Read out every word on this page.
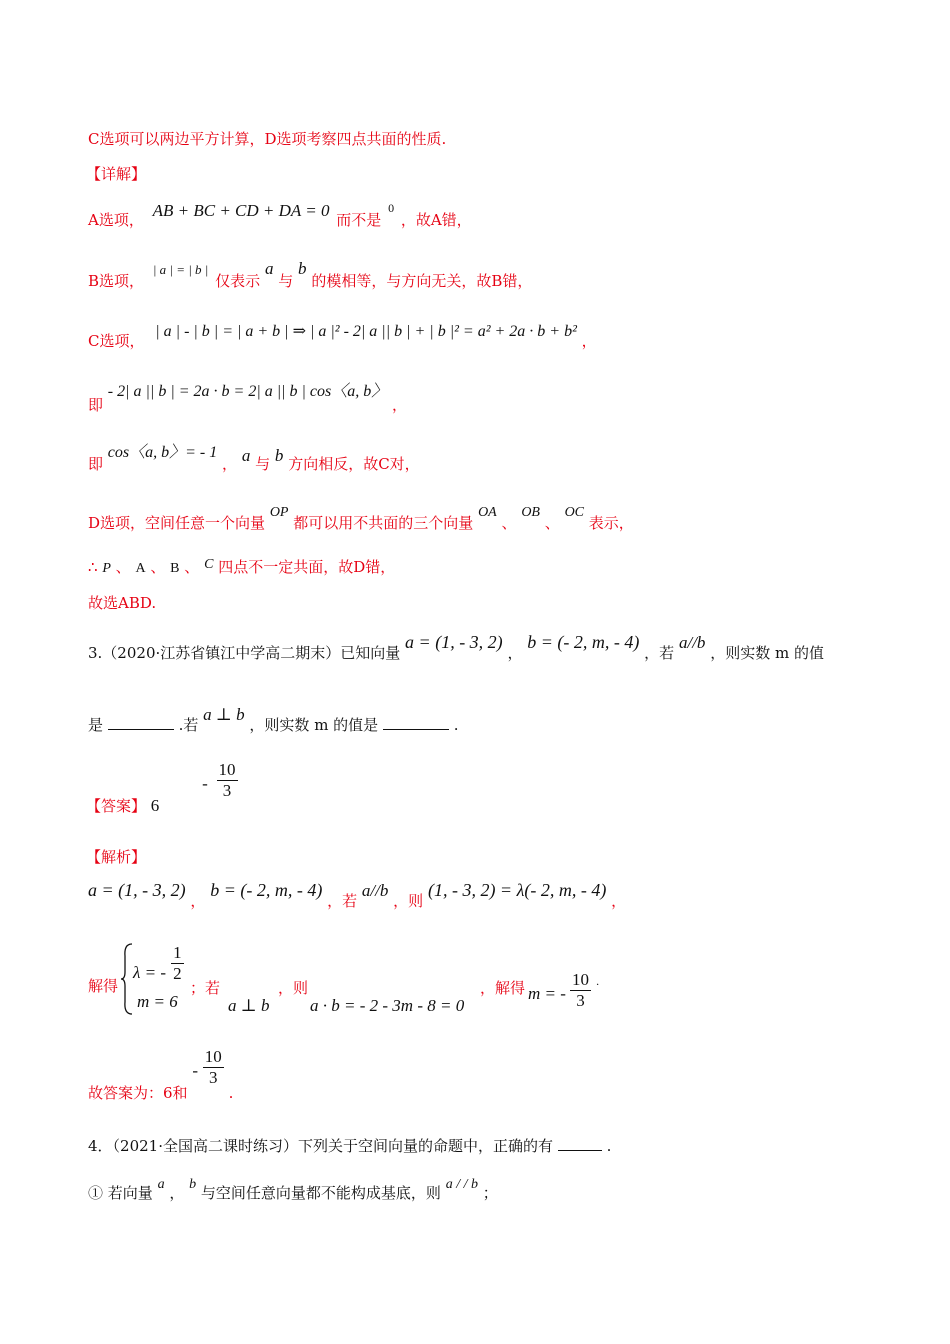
C选项可以两边平方计算，D选项考察四点共面的性质.
【详解】
A选项， AB + BC + CD + DA = 0 而不是 $_0$ ，故A错，
B选项， | a | = | b | 仅表示 a 与 b 的模相等，与方向无关，故B错，
C选项， | a | - | b | = | a + b | ⇒ | a |² - 2| a || b | + | b |² = a² + 2a · b + b² ，
即 - 2| a || b | = 2a · b = 2| a || b | cos〈a, b〉 ，
即 cos〈a, b〉= - 1 ， a 与 b 方向相反，故C对，
D选项，空间任意一个向量 OP 都可以用不共面的三个向量 OA 、 OB 、 OC 表示，
∴ P 、 A 、 B 、 C 四点不一定共面，故D错，
故选ABD.
3.（2020·江苏省镇江中学高二期末）已知向量 a = (1, - 3, 2) ， b = (- 2, m, - 4) ，若 a//b ，则实数 m 的值
是	.若 a ⊥ b ，则实数 m 的值是	.
【答案】 $6 - \frac{10}{3}$
【解析】
a = (1, - 3, 2) ， b = (- 2, m, - 4) ，若 a//b ，则 (1, - 3, 2) = λ(- 2, m, - 4) ，
解得
λ = - $\frac{1}{2}$
m = 6
；若
a ⊥ b
，则
a · b = - 2 - 3m - 8 = 0
，解得 m = - $\frac{10}{3} ^.$
故答案为：6和 - $\frac{10}{3}$
.
4．（2021·全国高二课时练习）下列关于空间向量的命题中，正确的有	.
① 若向量 a ， b 与空间任意向量都不能构成基底，则 a / / b ；
